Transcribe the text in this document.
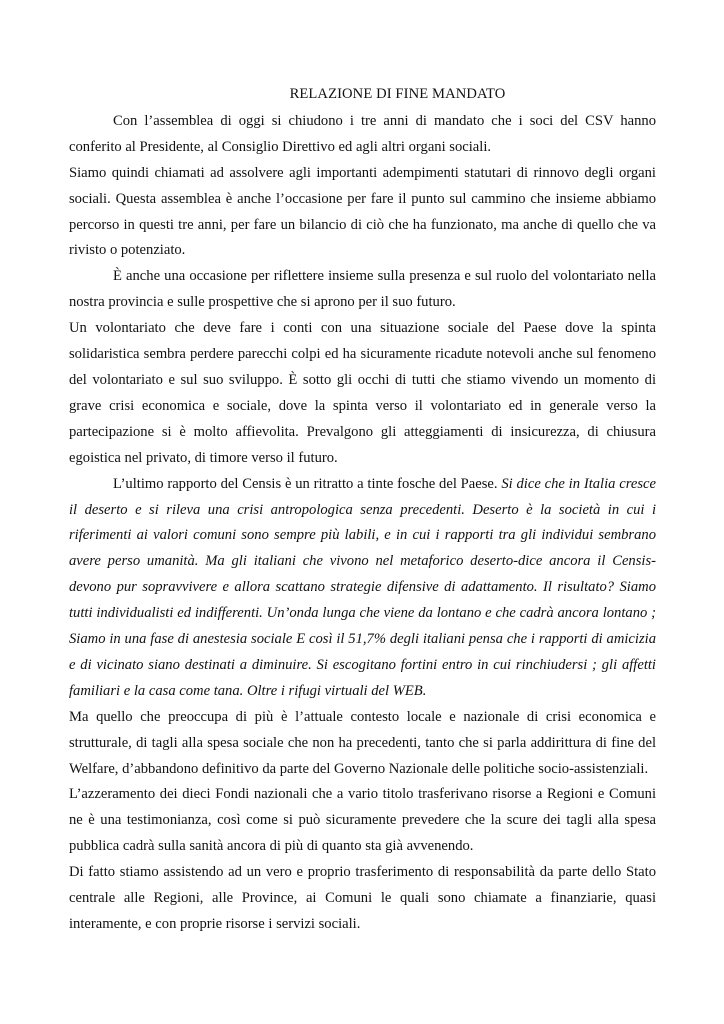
RELAZIONE DI FINE MANDATO

Con l’assemblea di oggi si chiudono i tre anni di mandato che i soci del CSV hanno conferito al Presidente, al Consiglio Direttivo ed agli altri organi sociali.

Siamo quindi chiamati ad assolvere agli importanti adempimenti statutari di rinnovo degli organi sociali. Questa assemblea è anche l’occasione per fare il punto sul cammino che insieme abbiamo percorso in questi tre anni, per fare un bilancio di ciò che ha funzionato, ma anche di quello che va rivisto o potenziato.

È anche una occasione per riflettere insieme sulla presenza e sul ruolo del volontariato nella nostra provincia e sulle prospettive che si aprono per il suo futuro.

Un volontariato che deve fare i conti con una situazione sociale del Paese dove la spinta solidaristica sembra perdere parecchi colpi ed ha sicuramente ricadute notevoli anche sul fenomeno del volontariato e sul suo sviluppo. È sotto gli occhi di tutti che stiamo vivendo un momento di grave crisi economica e sociale, dove la spinta verso il volontariato ed in generale verso la partecipazione si è molto affievolita. Prevalgono gli atteggiamenti di insicurezza, di chiusura egoistica nel privato, di timore verso il futuro.

L’ultimo rapporto del Censis è un ritratto a tinte fosche del Paese. Si dice che in Italia cresce il deserto e si rileva una crisi antropologica senza precedenti. Deserto è la società in cui i riferimenti ai valori comuni sono sempre più labili, e in cui i rapporti tra gli individui sembrano avere perso umanità. Ma gli italiani che vivono nel metaforico deserto-dice ancora il Censis- devono pur sopravvivere e allora scattano strategie difensive di adattamento. Il risultato? Siamo tutti individualisti ed indifferenti. Un’onda lunga che viene da lontano e che cadrà ancora lontano ; Siamo in una fase di anestesia sociale E così il 51,7% degli italiani pensa che i rapporti di amicizia e di vicinato siano destinati a diminuire. Si escogitano fortini entro in cui rinchiudersi ; gli affetti familiari e la casa come tana. Oltre i rifugi virtuali del WEB.

Ma quello che preoccupa di più è l’attuale contesto locale e nazionale di crisi economica e strutturale, di tagli alla spesa sociale che non ha precedenti, tanto che si parla addirittura di fine del Welfare, d’abbandono definitivo da parte del Governo Nazionale delle politiche socio-assistenziali.

L’azzeramento dei dieci Fondi nazionali che a vario titolo trasferivano risorse a Regioni e Comuni ne è una testimonianza, così come si può sicuramente prevedere che la scure dei tagli alla spesa pubblica cadrà sulla sanità ancora di più di quanto sta già avvenendo.

Di fatto stiamo assistendo ad un vero e proprio trasferimento di responsabilità da parte dello Stato centrale alle Regioni, alle Province, ai Comuni le quali sono chiamate a finanziarie, quasi interamente, e con proprie risorse i servizi sociali.
